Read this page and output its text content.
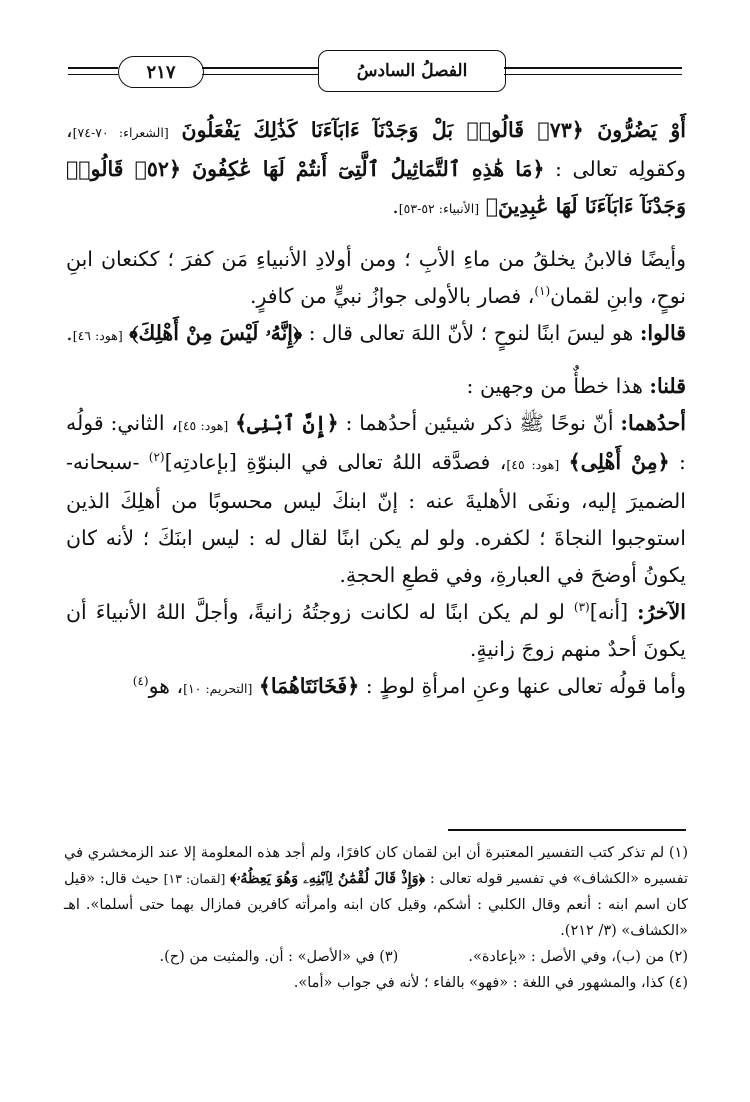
الفصلُ السادسُ
٢١٧

أَوْ يَضُرُّونَ ﴿٧٣﴾ قَالُوا۟ بَلْ وَجَدْنَآ ءَابَآءَنَا كَذَٰلِكَ يَفْعَلُونَ [الشعراء: ٧٠-٧٤]، وكقولِه تعالى : ﴿مَا هَٰذِهِ ٱلتَّمَاثِيلُ ٱلَّتِىٓ أَنتُمْ لَهَا عَٰكِفُونَ ﴿٥٢﴾ قَالُوا۟ وَجَدْنَآ ءَابَآءَنَا لَهَا عَٰبِدِينَ﴾ [الأنبياء: ٥٢-٥٣].

وأيضًا فالابنُ يخلقُ من ماءِ الأبِ ؛ ومن أولادِ الأنبياءِ مَن كفرَ ؛ ككنعان ابنِ نوحٍ، وابنِ لقمان$^{(١)}$، فصار بالأولى جوازُ نبيٍّ من كافرٍ.

قالوا: هو ليسَ ابنًا لنوحٍ ؛ لأنّ اللهَ تعالى قال : ﴿إِنَّهُۥ لَيْسَ مِنْ أَهْلِكَ﴾ [هود: ٤٦].

قلنا: هذا خطأٌ من وجهين :

أحدُهما: أنّ نوحًا ﷺ ذكر شيئين أحدُهما : ﴿إِنَّ ٱبْنِى﴾ [هود: ٤٥]، الثاني: قولُه : ﴿مِنْ أَهْلِى﴾ [هود: ٤٥]، فصدَّقه اللهُ تعالى في البنوّةِ [بإعادتِه]$^{(٢)}$ -سبحانه- الضميرَ إليه، ونفَى الأهليةَ عنه : إنّ ابنكَ ليس محسوبًا من أهلِكَ الذين استوجبوا النجاةَ ؛ لكفره. ولو لم يكن ابنًا لقال له : ليس ابنَكَ ؛ لأنه كان يكونُ أوضحَ في العبارةِ، وفي قطعِ الحجةِ.

الآخرُ: [أنه]$^{(٣)}$ لو لم يكن ابنًا له لكانت زوجتُهُ زانيةً، وأجلَّ اللهُ الأنبياءَ أن يكونَ أحدٌ منهم زوجَ زانيةٍ.

وأما قولُه تعالى عنها وعنِ امرأةِ لوطٍ : ﴿فَخَانَتَاهُمَا﴾ [التحريم: ١٠]، هو$^{(٤)}$

(١) لم تذكر كتب التفسير المعتبرة أن ابن لقمان كان كافرًا، ولم أجد هذه المعلومة إلا عند الزمخشري في تفسيره «الكشاف» في تفسير قوله تعالى : ﴿وَإِذْ قَالَ لُقْمَٰنُ لِٱبْنِهِۦ وَهُوَ يَعِظُهُۥ﴾ [لقمان: ١٣] حيث قال: «قيل كان اسم ابنه : أنعم وقال الكلبي : أشكم، وقيل كان ابنه وامرأته كافرين فمازال بهما حتى أسلما». اهـ «الكشاف» (٣/ ٢١٢).

(٢) من (ب)، وفي الأصل : «بإعادة».
(٣) في «الأصل» : أن. والمثبت من (ح).

(٤) كذا، والمشهور في اللغة : «فهو» بالفاء ؛ لأنه في جواب «أما».
